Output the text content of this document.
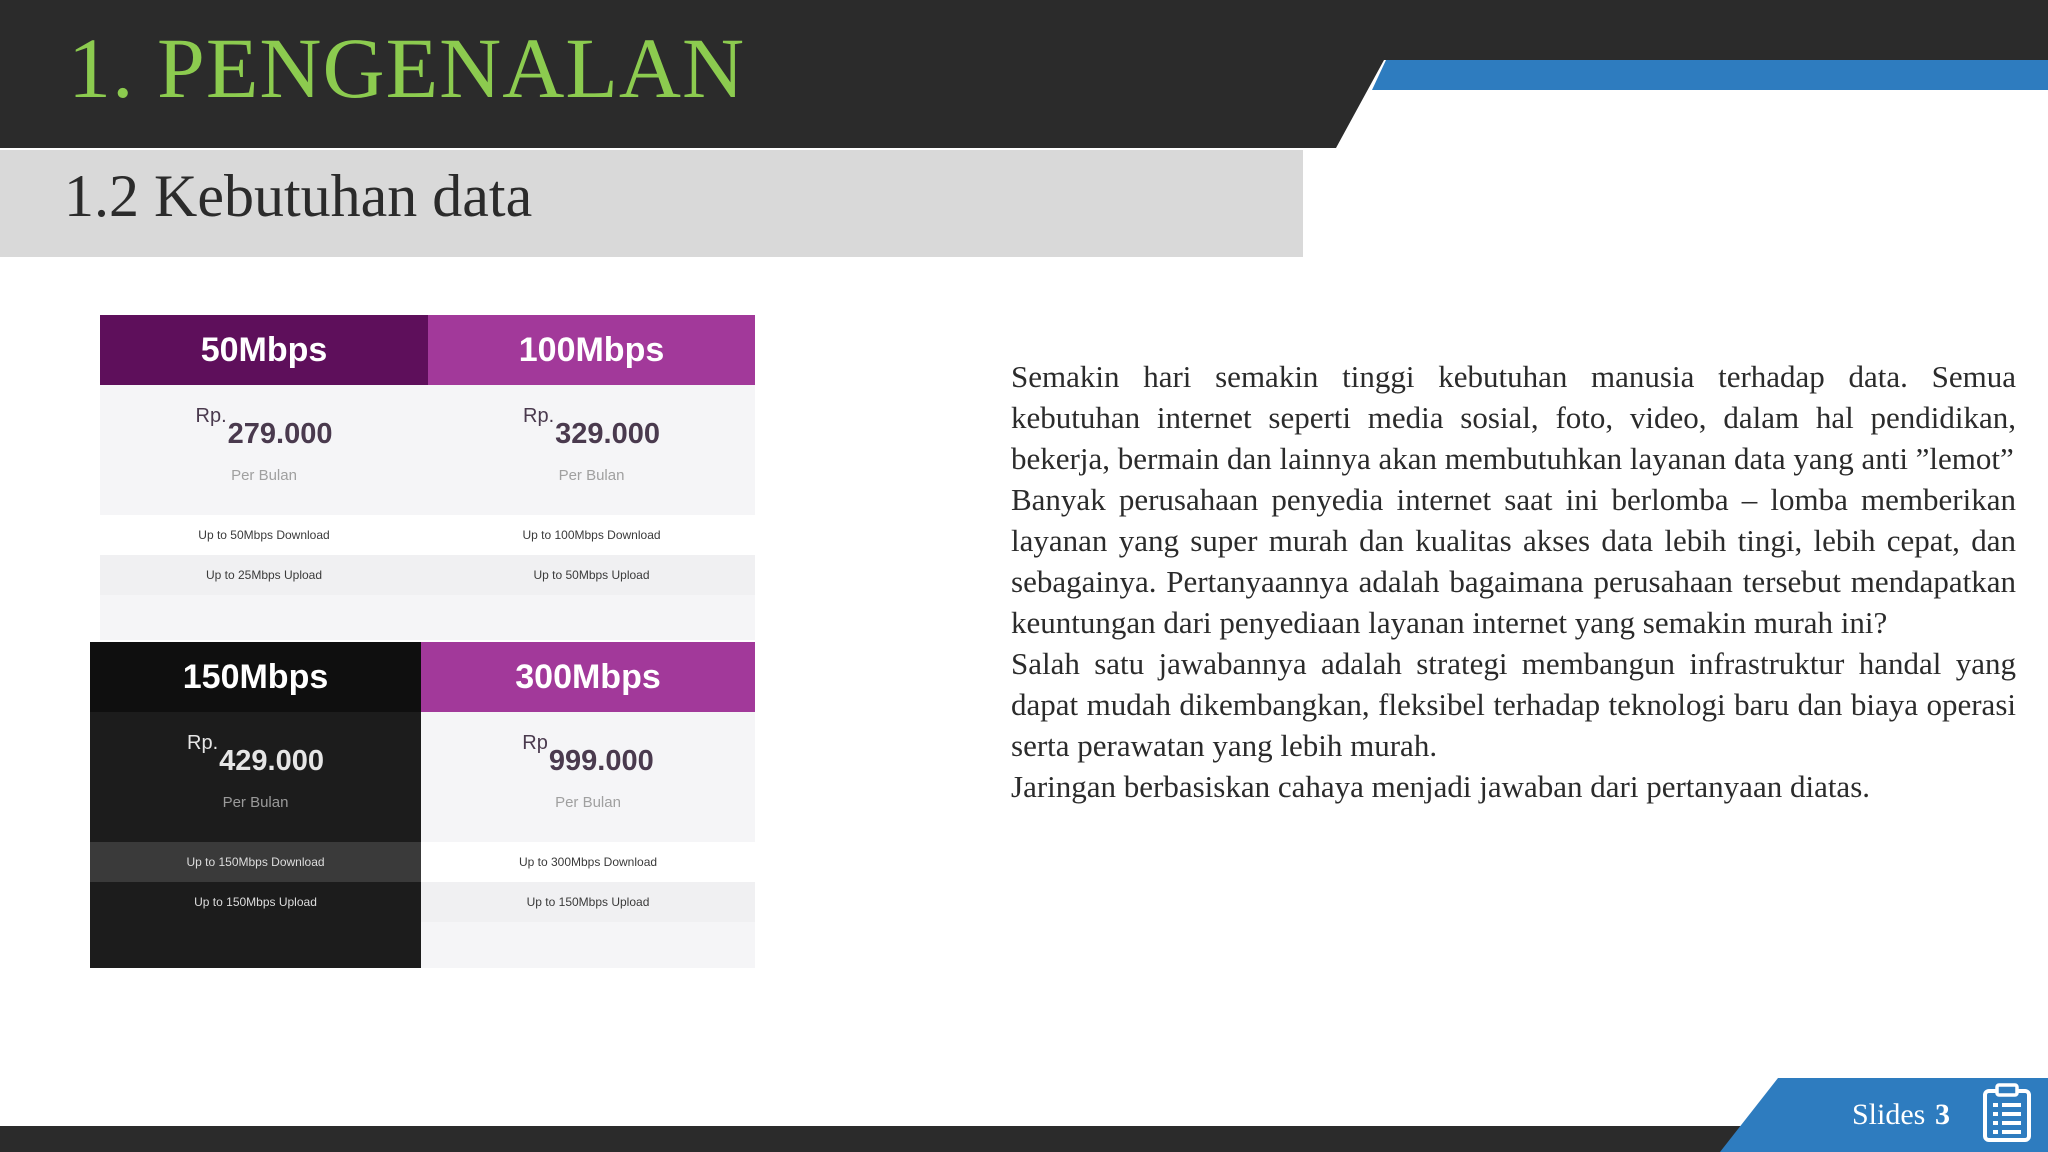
1. PENGENALAN
1.2 Kebutuhan data
50Mbps
Rp.
279.000
Per Bulan
Up to 50Mbps Download
Up to 25Mbps Upload
100Mbps
Rp.
329.000
Per Bulan
Up to 100Mbps Download
Up to 50Mbps Upload
150Mbps
Rp.
429.000
Per Bulan
Up to 150Mbps Download
Up to 150Mbps Upload
300Mbps
Rp
999.000
Per Bulan
Up to 300Mbps Download
Up to 150Mbps Upload

Semakin hari semakin tinggi kebutuhan manusia terhadap data. Semua kebutuhan internet seperti media sosial, foto, video, dalam hal pendidikan, bekerja, bermain dan lainnya akan membutuhkan layanan data yang anti ”lemot”

Banyak perusahaan penyedia internet saat ini berlomba – lomba memberikan layanan yang super murah dan kualitas akses data lebih tingi, lebih cepat, dan sebagainya. Pertanyaannya adalah bagaimana perusahaan tersebut mendapatkan keuntungan dari penyediaan layanan internet yang semakin murah ini?

Salah satu jawabannya adalah strategi membangun infrastruktur handal yang dapat mudah dikembangkan, fleksibel terhadap teknologi baru dan biaya operasi serta perawatan yang lebih murah.

Jaringan berbasiskan cahaya menjadi jawaban dari pertanyaan diatas.

Slides 3
